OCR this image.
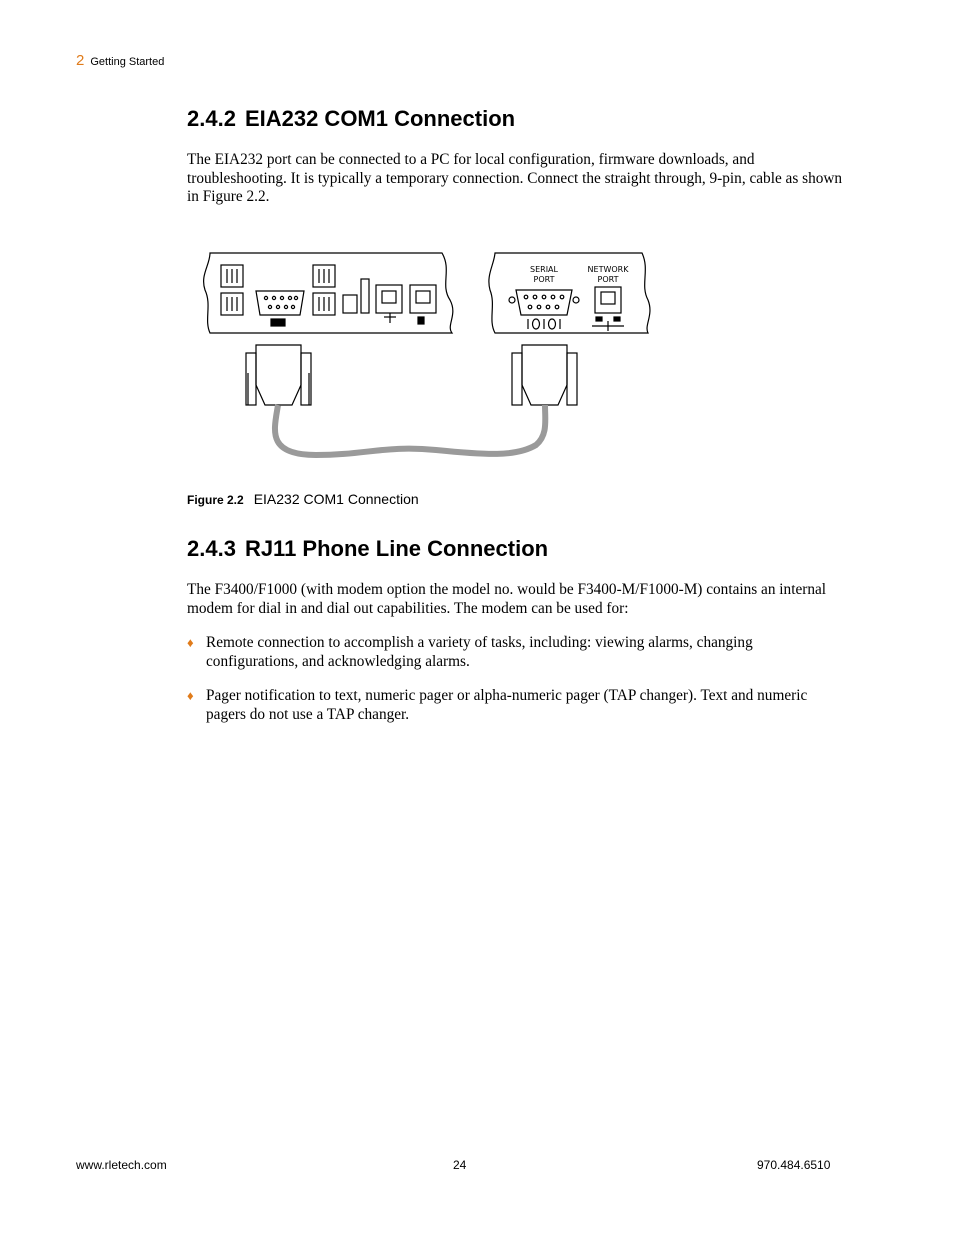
2 Getting Started
2.4.2 EIA232 COM1 Connection
The EIA232 port can be connected to a PC for local configuration, firmware downloads, and troubleshooting. It is typically a temporary connection. Connect the straight through, 9-pin, cable as shown in Figure 2.2.
SERIAL
PORT
NETWORK
PORT
Figure 2.2 EIA232 COM1 Connection
2.4.3 RJ11 Phone Line Connection
The F3400/F1000 (with modem option the model no. would be F3400-M/F1000-M) contains an internal modem for dial in and dial out capabilities. The modem can be used for:
♦ Remote connection to accomplish a variety of tasks, including: viewing alarms, changing configurations, and acknowledging alarms.
♦ Pager notification to text, numeric pager or alpha-numeric pager (TAP changer). Text and numeric pagers do not use a TAP changer.
www.rletech.com	24	970.484.6510
